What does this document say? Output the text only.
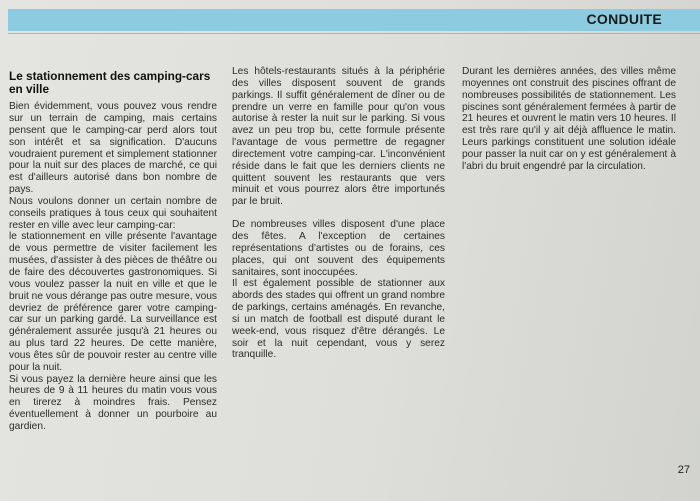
CONDUITE
Le stationnement des camping-cars en ville

Bien évidemment, vous pouvez vous rendre sur un terrain de camping, mais certains pensent que le camping-car perd alors tout son intérêt et sa signification. D'aucuns voudraient purement et simplement stationner pour la nuit sur des places de marché, ce qui est d'ailleurs autorisé dans bon nombre de pays.

Nous voulons donner un certain nombre de conseils pratiques à tous ceux qui souhaitent rester en ville avec leur camping-car:

le stationnement en ville présente l'avantage de vous permettre de visiter facilement les musées, d'assister à des pièces de théâtre ou de faire des découvertes gastronomiques. Si vous voulez passer la nuit en ville et que le bruit ne vous dérange pas outre mesure, vous devriez de préférence garer votre camping-car sur un parking gardé. La surveillance est généralement assurée jusqu'à 21 heures ou au plus tard 22 heures. De cette manière, vous êtes sûr de pouvoir rester au centre ville pour la nuit.

Si vous payez la dernière heure ainsi que les heures de 9 à 11 heures du matin vous vous en tirerez à moindres frais. Pensez éventuellement à donner un pourboire au gardien.

Les hôtels-restaurants situés à la périphérie des villes disposent souvent de grands parkings. Il suffit généralement de dîner ou de prendre un verre en famille pour qu'on vous autorise à rester la nuit sur le parking. Si vous avez un peu trop bu, cette formule présente l'avantage de vous permettre de regagner directement votre camping-car. L'inconvénient réside dans le fait que les derniers clients ne quittent souvent les restaurants que vers minuit et vous pourrez alors être importunés par le bruit.

De nombreuses villes disposent d'une place des fêtes. A l'exception de certaines représentations d'artistes ou de forains, ces places, qui ont souvent des équipements sanitaires, sont inoccupées.

Il est également possible de stationner aux abords des stades qui offrent un grand nombre de parkings, certains aménagés. En revanche, si un match de football est disputé durant le week-end, vous risquez d'être dérangés. Le soir et la nuit cependant, vous y serez tranquille.

Durant les dernières années, des villes même moyennes ont construit des piscines offrant de nombreuses possibilités de stationnement. Les piscines sont généralement fermées à partir de 21 heures et ouvrent le matin vers 10 heures. Il est très rare qu'il y ait déjà affluence le matin. Leurs parkings constituent une solution idéale pour passer la nuit car on y est généralement à l'abri du bruit engendré par la circulation.

27
